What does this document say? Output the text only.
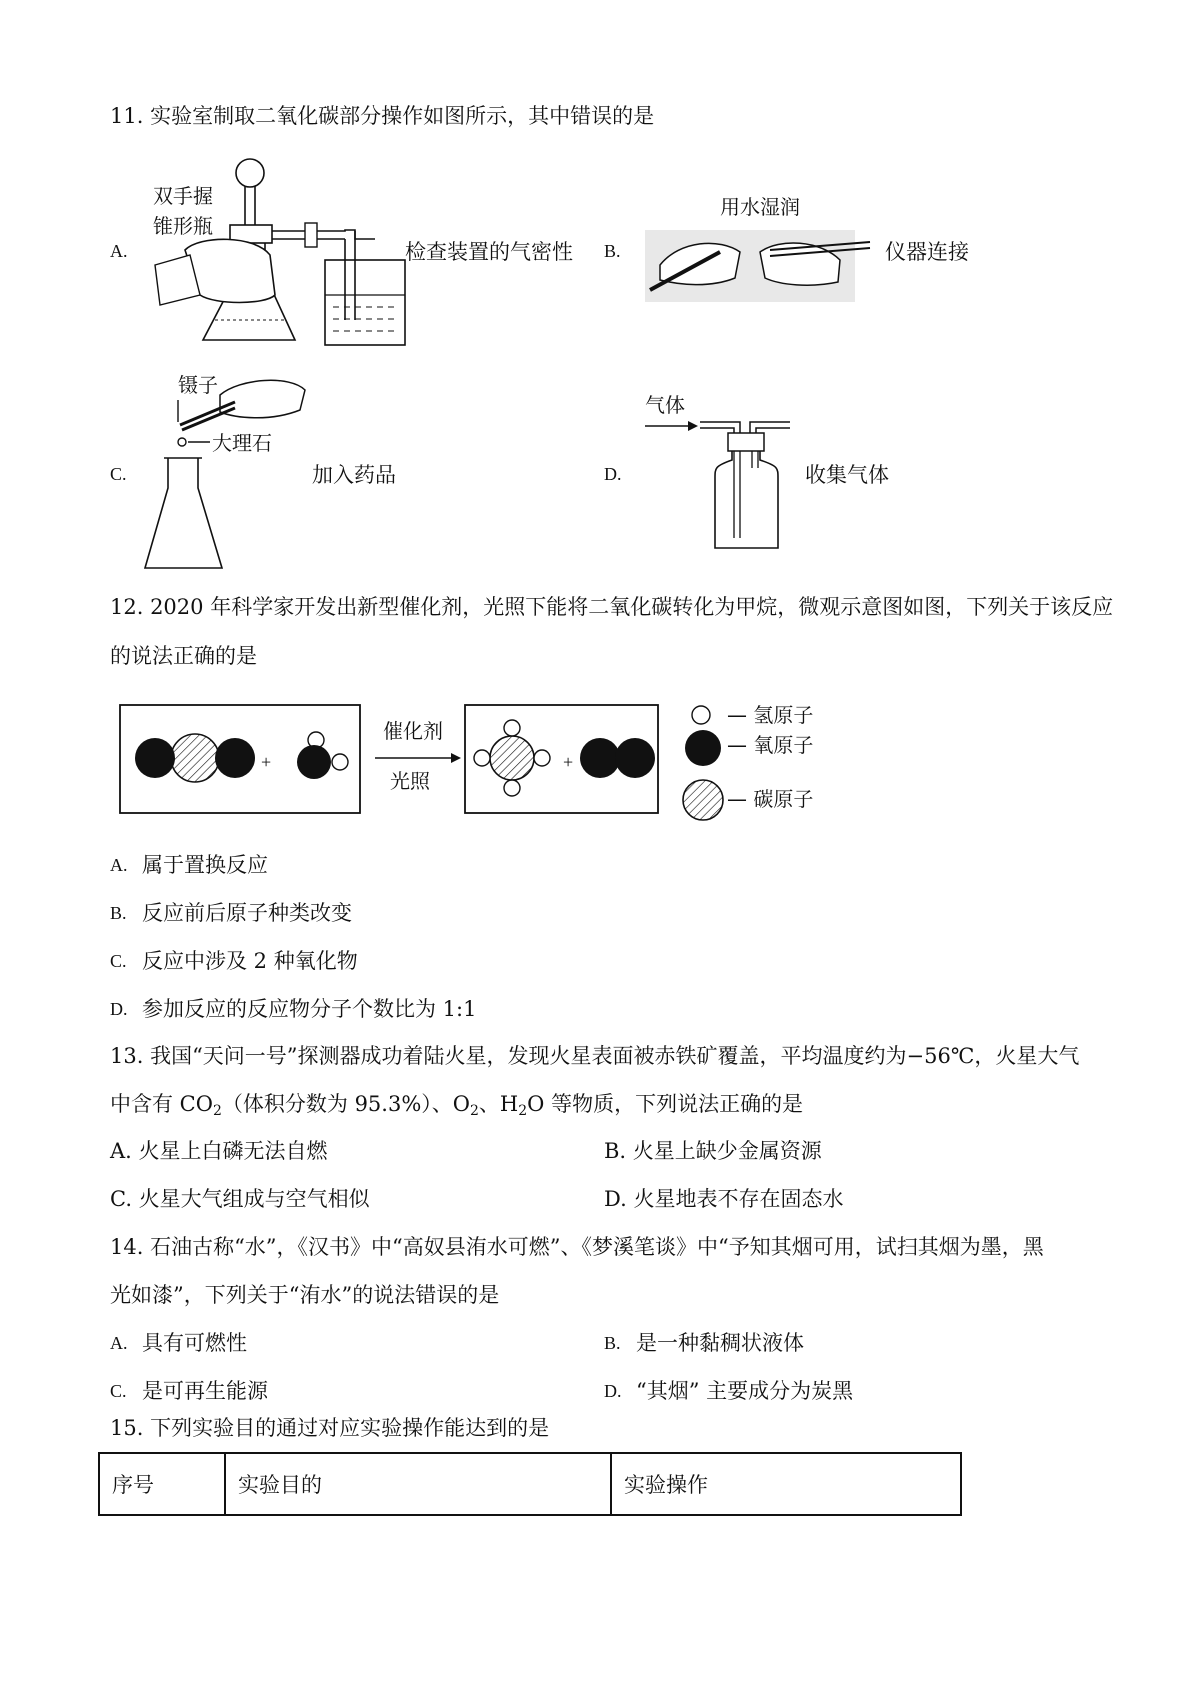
11. 实验室制取二氧化碳部分操作如图所示，其中错误的是
A.
双手握
锥形瓶
检查装置的气密性 B.
用水湿润
仪器连接
C.
镊子
大理石
加入药品	D.
气体
收集气体
12. 2020 年科学家开发出新型催化剂，光照下能将二氧化碳转化为甲烷，微观示意图如图，下列关于该反应
的说法正确的是
+
催化剂
光照
+
— 氢原子
— 氧原子
— 碳原子
A. 属于置换反应
B. 反应前后原子种类改变
C. 反应中涉及 2 种氧化物
D. 参加反应的反应物分子个数比为 1:1
13. 我国“天问一号”探测器成功着陆火星，发现火星表面被赤铁矿覆盖，平均温度约为−56℃，火星大气
中含有 $CO_2$（体积分数为 95.3%）、$O_2$、$H_2O$ 等物质，下列说法正确的是
A. 火星上白磷无法自燃	B. 火星上缺少金属资源
C. 火星大气组成与空气相似	D. 火星地表不存在固态水
14. 石油古称“水”，《汉书》中“高奴县洧水可燃”、《梦溪笔谈》中“予知其烟可用，试扫其烟为墨，黑
光如漆”，下列关于“洧水”的说法错误的是
A. 具有可燃性	B. 是一种黏稠状液体
C. 是可再生能源	D. “其烟” 主要成分为炭黑
15. 下列实验目的通过对应实验操作能达到的是
序号	实验目的	实验操作
